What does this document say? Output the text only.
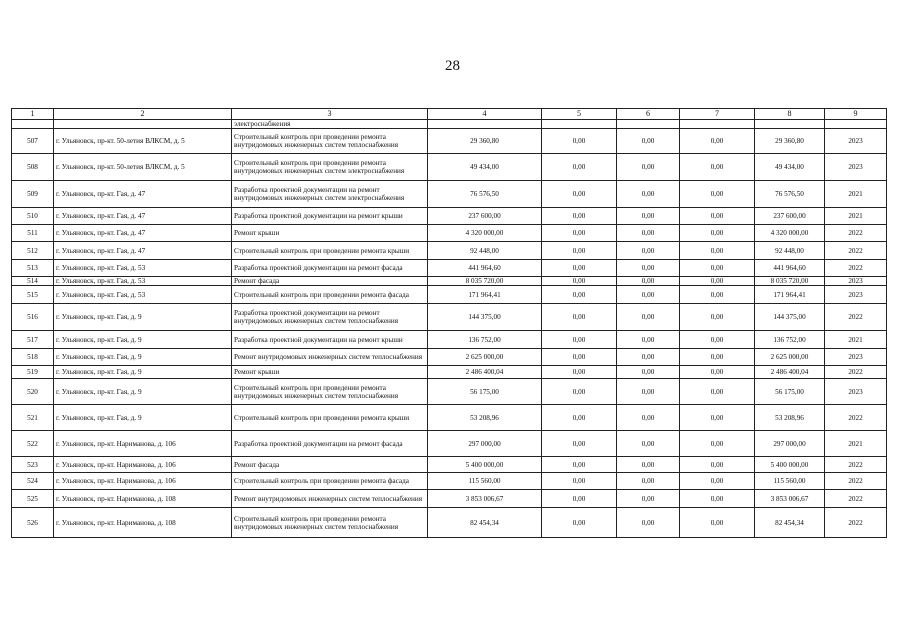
28
1	2	3	4	5	6	7	8	9
		электроснабжения						
507	г. Ульяновск, пр-кт. 50-летия ВЛКСМ, д. 5	Строительный контроль при проведении ремонта внутридомовых инженерных систем теплоснабжения	29 360,80	0,00	0,00	0,00	29 360,80	2023
508	г. Ульяновск, пр-кт. 50-летия ВЛКСМ, д. 5	Строительный контроль при проведении ремонта внутридомовых инженерных систем электроснабжения	49 434,00	0,00	0,00	0,00	49 434,00	2023
509	г. Ульяновск, пр-кт. Гая, д. 47	Разработка проектной документации на ремонт внутридомовых инженерных систем электроснабжения	76 576,50	0,00	0,00	0,00	76 576,50	2021
510	г. Ульяновск, пр-кт. Гая, д. 47	Разработка проектной документации на ремонт крыши	237 600,00	0,00	0,00	0,00	237 600,00	2021
511	г. Ульяновск, пр-кт. Гая, д. 47	Ремонт крыши	4 320 000,00	0,00	0,00	0,00	4 320 000,00	2022
512	г. Ульяновск, пр-кт. Гая, д. 47	Строительный контроль при проведении ремонта крыши	92 448,00	0,00	0,00	0,00	92 448,00	2022
513	г. Ульяновск, пр-кт. Гая, д. 53	Разработка проектной документации на ремонт фасада	441 964,60	0,00	0,00	0,00	441 964,60	2022
514	г. Ульяновск, пр-кт. Гая, д. 53	Ремонт фасада	8 035 720,00	0,00	0,00	0,00	8 035 720,00	2023
515	г. Ульяновск, пр-кт. Гая, д. 53	Строительный контроль при проведении ремонта фасада	171 964,41	0,00	0,00	0,00	171 964,41	2023
516	г. Ульяновск, пр-кт. Гая, д. 9	Разработка проектной документации на ремонт внутридомовых инженерных систем теплоснабжения	144 375,00	0,00	0,00	0,00	144 375,00	2022
517	г. Ульяновск, пр-кт. Гая, д. 9	Разработка проектной документации на ремонт крыши	136 752,00	0,00	0,00	0,00	136 752,00	2021
518	г. Ульяновск, пр-кт. Гая, д. 9	Ремонт внутридомовых инженерных систем теплоснабжения	2 625 000,00	0,00	0,00	0,00	2 625 000,00	2023
519	г. Ульяновск, пр-кт. Гая, д. 9	Ремонт крыши	2 486 400,04	0,00	0,00	0,00	2 486 400,04	2022
520	г. Ульяновск, пр-кт. Гая, д. 9	Строительный контроль при проведении ремонта внутридомовых инженерных систем теплоснабжения	56 175,00	0,00	0,00	0,00	56 175,00	2023
521	г. Ульяновск, пр-кт. Гая, д. 9	Строительный контроль при проведении ремонта крыши	53 208,96	0,00	0,00	0,00	53 208,96	2022
522	г. Ульяновск, пр-кт. Нариманова, д. 106	Разработка проектной документации на ремонт фасада	297 000,00	0,00	0,00	0,00	297 000,00	2021
523	г. Ульяновск, пр-кт. Нариманова, д. 106	Ремонт фасада	5 400 000,00	0,00	0,00	0,00	5 400 000,00	2022
524	г. Ульяновск, пр-кт. Нариманова, д. 106	Строительный контроль при проведении ремонта фасада	115 560,00	0,00	0,00	0,00	115 560,00	2022
525	г. Ульяновск, пр-кт. Нариманова, д. 108	Ремонт внутридомовых инженерных систем теплоснабжения	3 853 006,67	0,00	0,00	0,00	3 853 006,67	2022
526	г. Ульяновск, пр-кт. Нариманова, д. 108	Строительный контроль при проведении ремонта внутридомовых инженерных систем теплоснабжения	82 454,34	0,00	0,00	0,00	82 454,34	2022
